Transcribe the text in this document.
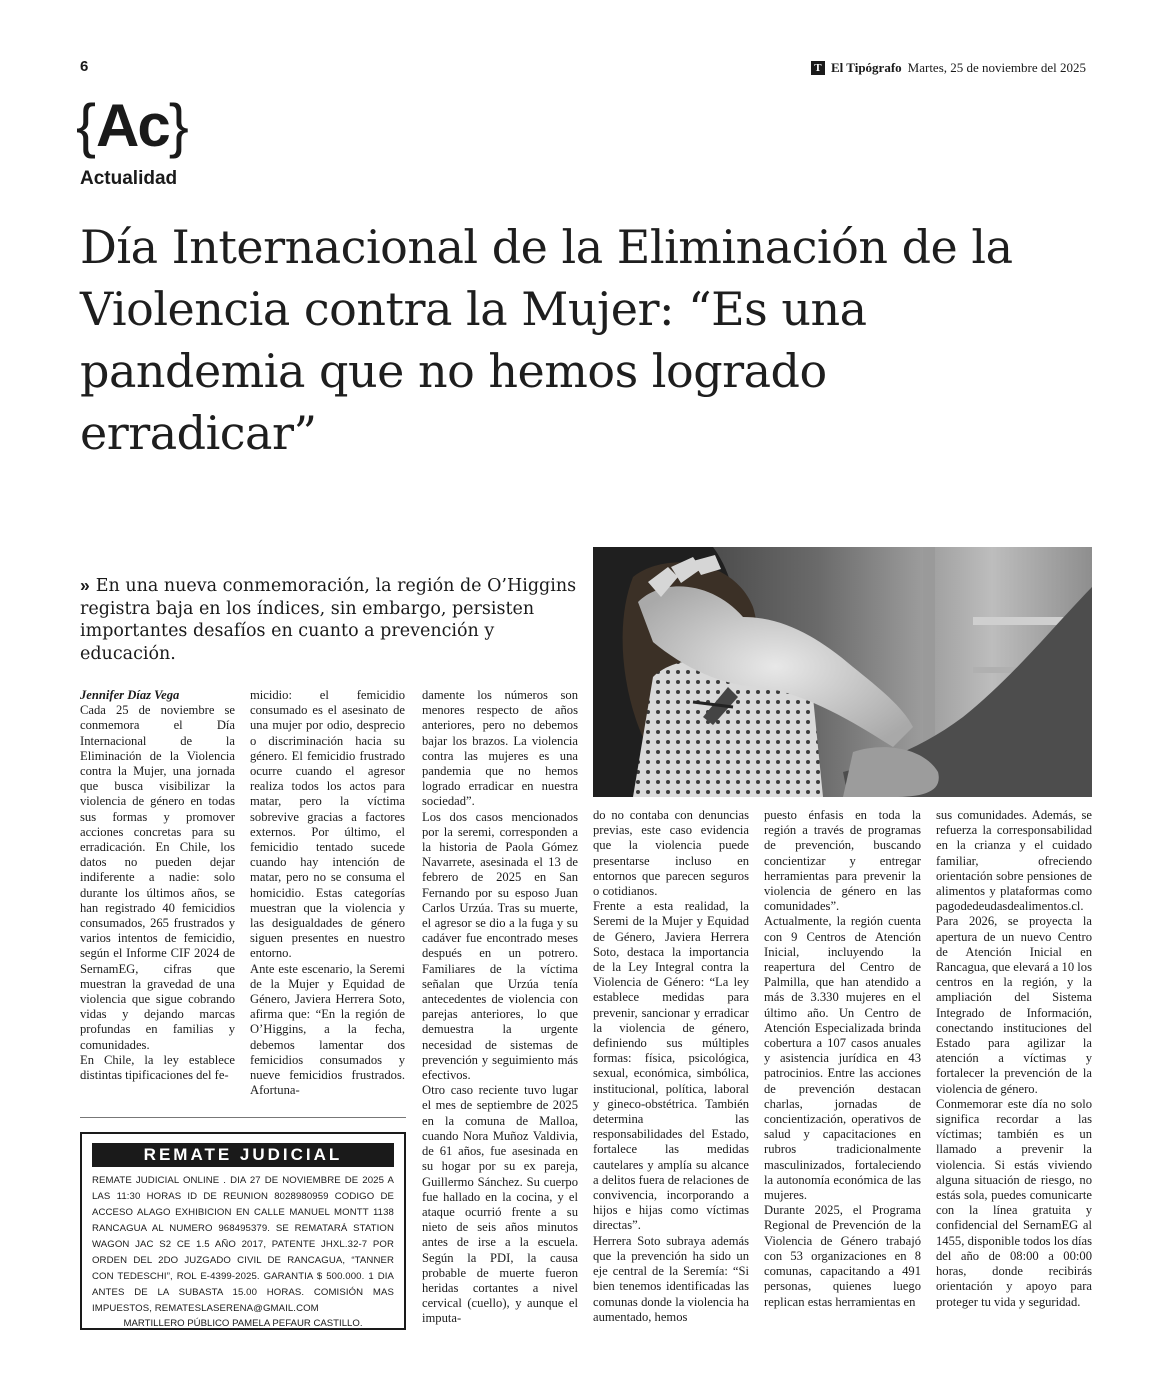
6	T El Tipógrafo Martes, 25 de noviembre del 2025
{Ac}
Actualidad
Día Internacional de la Eliminación de la Violencia contra la Mujer: “Es una pandemia que no hemos logrado erradicar”
» En una nueva conmemoración, la región de O’Higgins registra baja en los índices, sin embargo, persisten importantes desafíos en cuanto a prevención y educación.
Jennifer Díaz Vega

Cada 25 de noviembre se conmemora el Día Internacional de la Eliminación de la Violencia contra la Mujer, una jornada que busca visibilizar la violencia de género en todas sus formas y promover acciones concretas para su erradicación. En Chile, los datos no pueden dejar indiferente a nadie: solo durante los últimos años, se han registrado 40 femicidios consumados, 265 frustrados y varios intentos de femicidio, según el Informe CIF 2024 de SernamEG, cifras que muestran la gravedad de una violencia que sigue cobrando vidas y dejando marcas profundas en familias y comunidades.

En Chile, la ley establece distintas tipificaciones del fe-

micidio: el femicidio consumado es el asesinato de una mujer por odio, desprecio o discriminación hacia su género. El femicidio frustrado ocurre cuando el agresor realiza todos los actos para matar, pero la víctima sobrevive gracias a factores externos. Por último, el femicidio tentado sucede cuando hay intención de matar, pero no se consuma el homicidio. Estas categorías muestran que la violencia y las desigualdades de género siguen presentes en nuestro entorno.

Ante este escenario, la Seremi de la Mujer y Equidad de Género, Javiera Herrera Soto, afirma que: “En la región de O’Higgins, a la fecha, debemos lamentar dos femicidios consumados y nueve femicidios frustrados. Afortuna-

damente los números son menores respecto de años anteriores, pero no debemos bajar los brazos. La violencia contra las mujeres es una pandemia que no hemos logrado erradicar en nuestra sociedad”.

Los dos casos mencionados por la seremi, corresponden a la historia de Paola Gómez Navarrete, asesinada el 13 de febrero de 2025 en San Fernando por su esposo Juan Carlos Urzúa. Tras su muerte, el agresor se dio a la fuga y su cadáver fue encontrado meses después en un potrero. Familiares de la víctima señalan que Urzúa tenía antecedentes de violencia con parejas anteriores, lo que demuestra la urgente necesidad de sistemas de prevención y seguimiento más efectivos.

Otro caso reciente tuvo lugar el mes de septiembre de 2025 en la comuna de Malloa, cuando Nora Muñoz Valdivia, de 61 años, fue asesinada en su hogar por su ex pareja, Guillermo Sánchez. Su cuerpo fue hallado en la cocina, y el ataque ocurrió frente a su nieto de seis años minutos antes de irse a la escuela. Según la PDI, la causa probable de muerte fueron heridas cortantes a nivel cervical (cuello), y aunque el imputa-

do no contaba con denuncias previas, este caso evidencia que la violencia puede presentarse incluso en entornos que parecen seguros o cotidianos.

Frente a esta realidad, la Seremi de la Mujer y Equidad de Género, Javiera Herrera Soto, destaca la importancia de la Ley Integral contra la Violencia de Género: “La ley establece medidas para prevenir, sancionar y erradicar la violencia de género, definiendo sus múltiples formas: física, psicológica, sexual, económica, simbólica, institucional, política, laboral y gineco-obstétrica. También determina las responsabilidades del Estado, fortalece las medidas cautelares y amplía su alcance a delitos fuera de relaciones de convivencia, incorporando a hijos e hijas como víctimas directas”.

Herrera Soto subraya además que la prevención ha sido un eje central de la Seremía: “Si bien tenemos identificadas las comunas donde la violencia ha aumentado, hemos

puesto énfasis en toda la región a través de programas de prevención, buscando concientizar y entregar herramientas para prevenir la violencia de género en las comunidades”.

Actualmente, la región cuenta con 9 Centros de Atención Inicial, incluyendo la reapertura del Centro de Palmilla, que han atendido a más de 3.330 mujeres en el último año. Un Centro de Atención Especializada brinda cobertura a 107 casos anuales y asistencia jurídica en 43 patrocinios. Entre las acciones de prevención destacan charlas, jornadas de concientización, operativos de salud y capacitaciones en rubros tradicionalmente masculinizados, fortaleciendo la autonomía económica de las mujeres.

Durante 2025, el Programa Regional de Prevención de la Violencia de Género trabajó con 53 organizaciones en 8 comunas, capacitando a 491 personas, quienes luego replican estas herramientas en

sus comunidades. Además, se refuerza la corresponsabilidad en la crianza y el cuidado familiar, ofreciendo orientación sobre pensiones de alimentos y plataformas como pagodedeudasdealimentos.cl.

Para 2026, se proyecta la apertura de un nuevo Centro de Atención Inicial en Rancagua, que elevará a 10 los centros en la región, y la ampliación del Sistema Integrado de Información, conectando instituciones del Estado para agilizar la atención a víctimas y fortalecer la prevención de la violencia de género.

Conmemorar este día no solo significa recordar a las víctimas; también es un llamado a prevenir la violencia. Si estás viviendo alguna situación de riesgo, no estás sola, puedes comunicarte con la línea gratuita y confidencial del SernamEG al 1455, disponible todos los días del año de 08:00 a 00:00 horas, donde recibirás orientación y apoyo para proteger tu vida y seguridad.

REMATE JUDICIAL
REMATE JUDICIAL ONLINE . DIA 27 DE NOVIEMBRE DE 2025 A LAS 11:30 HORAS ID DE REUNION 8028980959 CODIGO DE ACCESO ALAGO EXHIBICION EN CALLE MANUEL MONTT 1138 RANCAGUA AL NUMERO 968495379. SE REMATARÁ STATION WAGON JAC S2 CE 1.5 AÑO 2017, PATENTE JHXL.32-7 POR ORDEN DEL 2DO JUZGADO CIVIL DE RANCAGUA, “TANNER CON TEDESCHI”, ROL E-4399-2025. GARANTIA $ 500.000. 1 DIA ANTES DE LA SUBASTA 15.00 HORAS. COMISIÓN MAS IMPUESTOS, REMATESLASERENA@GMAIL.COM
MARTILLERO PÚBLICO PAMELA PEFAUR CASTILLO.
